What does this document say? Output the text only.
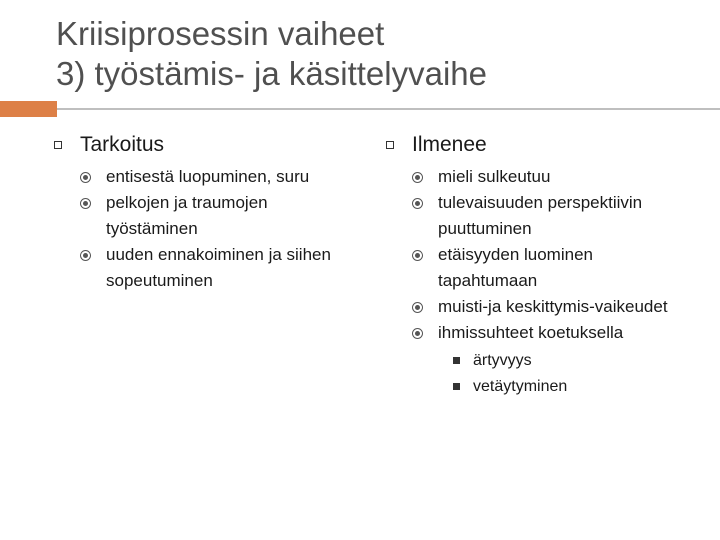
Kriisiprosessin vaiheet
3) työstämis- ja käsittelyvaihe
Tarkoitus
entisestä luopuminen, suru
pelkojen ja traumojen työstäminen
uuden ennakoiminen ja siihen sopeutuminen
Ilmenee
mieli sulkeutuu
tulevaisuuden perspektiivin puuttuminen
etäisyyden luominen tapahtumaan
muisti-ja keskittymis-vaikeudet
ihmissuhteet koetuksella
ärtyvyys
vetäytyminen
